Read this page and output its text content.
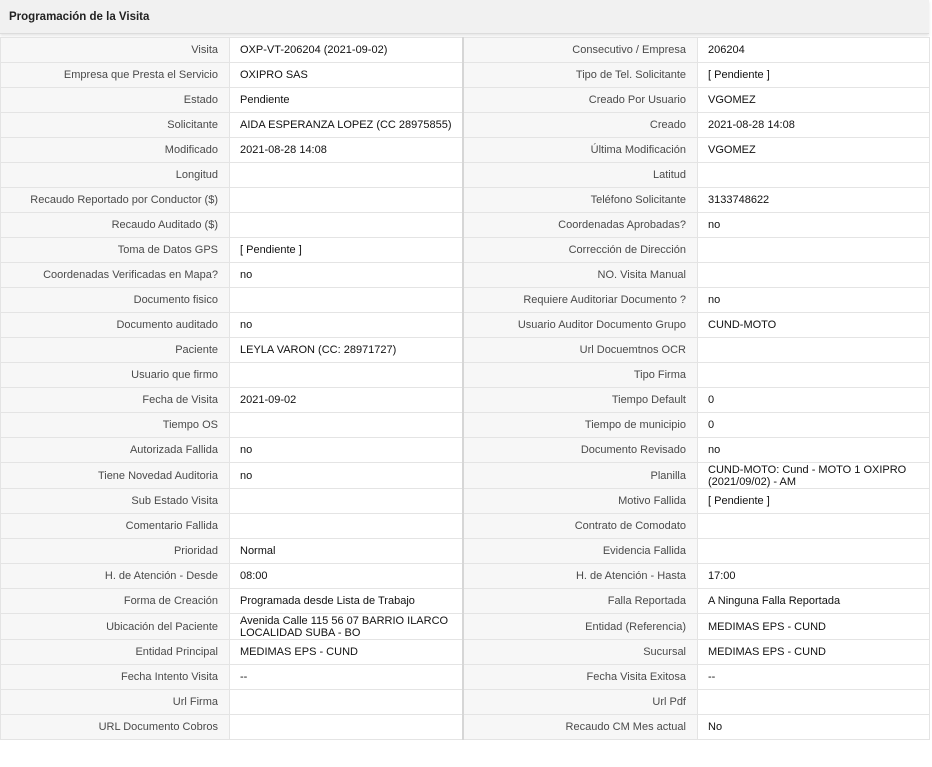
Programación de la Visita
Visita	OXP-VT-206204 (2021-09-02)	Consecutivo / Empresa	206204
Empresa que Presta el Servicio	OXIPRO SAS	Tipo de Tel. Solicitante	[ Pendiente ]
Estado	Pendiente	Creado Por Usuario	VGOMEZ
Solicitante	AIDA ESPERANZA LOPEZ (CC 28975855)	Creado	2021-08-28 14:08
Modificado	2021-08-28 14:08	Última Modificación	VGOMEZ
Longitud		Latitud	
Recaudo Reportado por Conductor ($)		Teléfono Solicitante	3133748622
Recaudo Auditado ($)		Coordenadas Aprobadas?	no
Toma de Datos GPS	[ Pendiente ]	Corrección de Dirección	
Coordenadas Verificadas en Mapa?	no	NO. Visita Manual	
Documento fisico		Requiere Auditoriar Documento ?	no
Documento auditado	no	Usuario Auditor Documento Grupo	CUND-MOTO
Paciente	LEYLA VARON (CC: 28971727)	Url Docuemtnos OCR	
Usuario que firmo		Tipo Firma	
Fecha de Visita	2021-09-02	Tiempo Default	0
Tiempo OS		Tiempo de municipio	0
Autorizada Fallida	no	Documento Revisado	no
Tiene Novedad Auditoria	no	Planilla	CUND-MOTO: Cund - MOTO 1 OXIPRO (2021/09/02) - AM
Sub Estado Visita		Motivo Fallida	[ Pendiente ]
Comentario Fallida		Contrato de Comodato	
Prioridad	Normal	Evidencia Fallida	
H. de Atención - Desde	08:00	H. de Atención - Hasta	17:00
Forma de Creación	Programada desde Lista de Trabajo	Falla Reportada	A Ninguna Falla Reportada
Ubicación del Paciente	Avenida Calle 115 56 07 BARRIO ILARCO LOCALIDAD SUBA - BO	Entidad (Referencia)	MEDIMAS EPS - CUND
Entidad Principal	MEDIMAS EPS - CUND	Sucursal	MEDIMAS EPS - CUND
Fecha Intento Visita	--	Fecha Visita Exitosa	--
Url Firma		Url Pdf	
URL Documento Cobros		Recaudo CM Mes actual	No
